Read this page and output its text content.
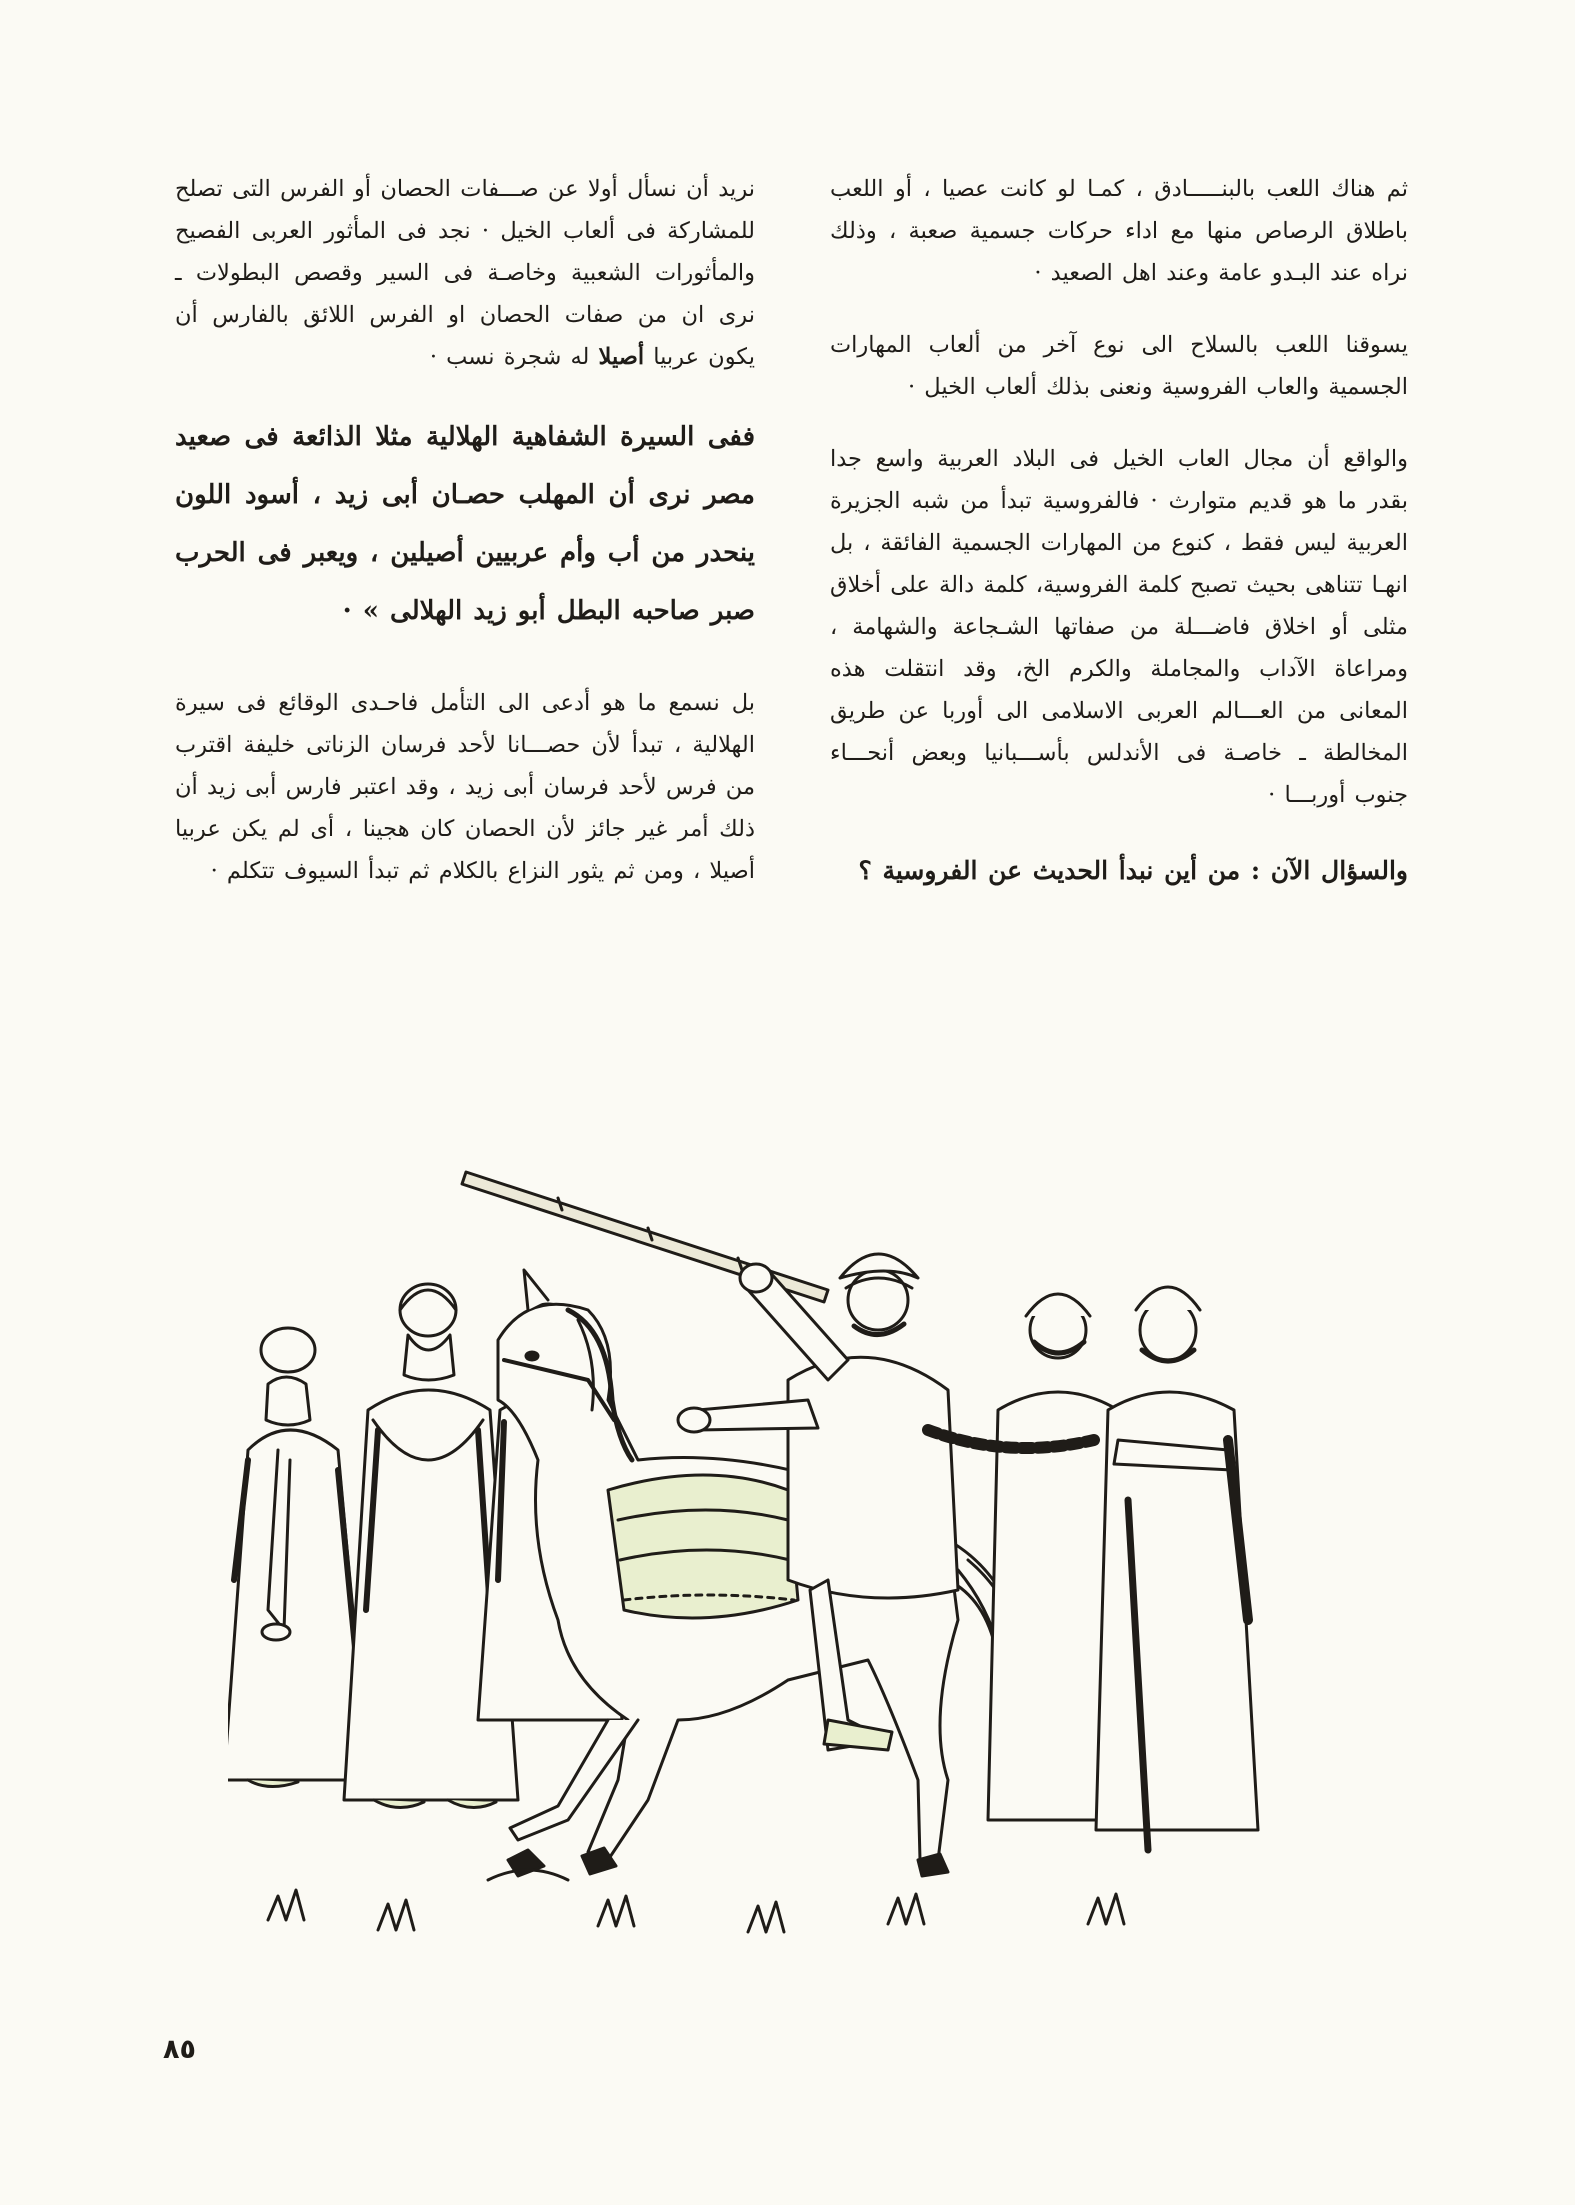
ثم هناك اللعب بالبنـــــادق ، كمـا لو كانت عصيا ، أو اللعب باطلاق الرصاص منها مع اداء حركات جسمية صعبة ، وذلك نراه عند البـدو عامة وعند اهل الصعيد ·

يسوقنا اللعب بالسلاح الى نوع آخر من ألعاب المهارات الجسمية والعاب الفروسية ونعنى بذلك ألعاب الخيل ·

والواقع أن مجال العاب الخيل فى البلاد العربية واسع جدا بقدر ما هو قديم متوارث · فالفروسية تبدأ من شبه الجزيرة العربية ليس فقط ، كنوع من المهارات الجسمية الفائقة ، بل انهـا تتناهى بحيث تصبح كلمة الفروسية، كلمة دالة على أخلاق مثلى أو اخلاق فاضـــلة من صفاتها الشـجاعة والشهامة ، ومراعاة الآداب والمجاملة والكرم الخ، وقد انتقلت هذه المعانى من العـــالم العربى الاسلامى الى أوربا عن طريق المخالطة ـ خاصـة فى الأندلس بأســـبانيا وبعض أنحـــاء جنوب أوربـــا ·

والسؤال الآن : من أين نبدأ الحديث عن الفروسية ؟

نريد أن نسأل أولا عن صـــفات الحصان أو الفرس التى تصلح للمشاركة فى ألعاب الخيل · نجد فى المأثور العربى الفصيح والمأثورات الشعبية وخاصـة فى السير وقصص البطولات ـ نرى ان من صفات الحصان او الفرس اللائق بالفارس أن يكون عربيا أصيلا له شجرة نسب ·

ففى السيرة الشفاهية الهلالية مثلا الذائعة فى صعيد مصر نرى أن المهلب حصـان أبى زيد ، أسود اللون ينحدر من أب وأم عربيين أصيلين ، ويعبر فى الحرب صبر صاحبه البطل أبو زيد الهلالى » ·

بل نسمع ما هو أدعى الى التأمل فاحـدى الوقائع فى سيرة الهلالية ، تبدأ لأن حصـــانا لأحد فرسان الزناتى خليفة اقترب من فرس لأحد فرسان أبى زيد ، وقد اعتبر فارس أبى زيد أن ذلك أمر غير جائز لأن الحصان كان هجينا ، أى لم يكن عربيا أصيلا ، ومن ثم يثور النزاع بالكلام ثم تبدأ السيوف تتكلم ·

٨٥
